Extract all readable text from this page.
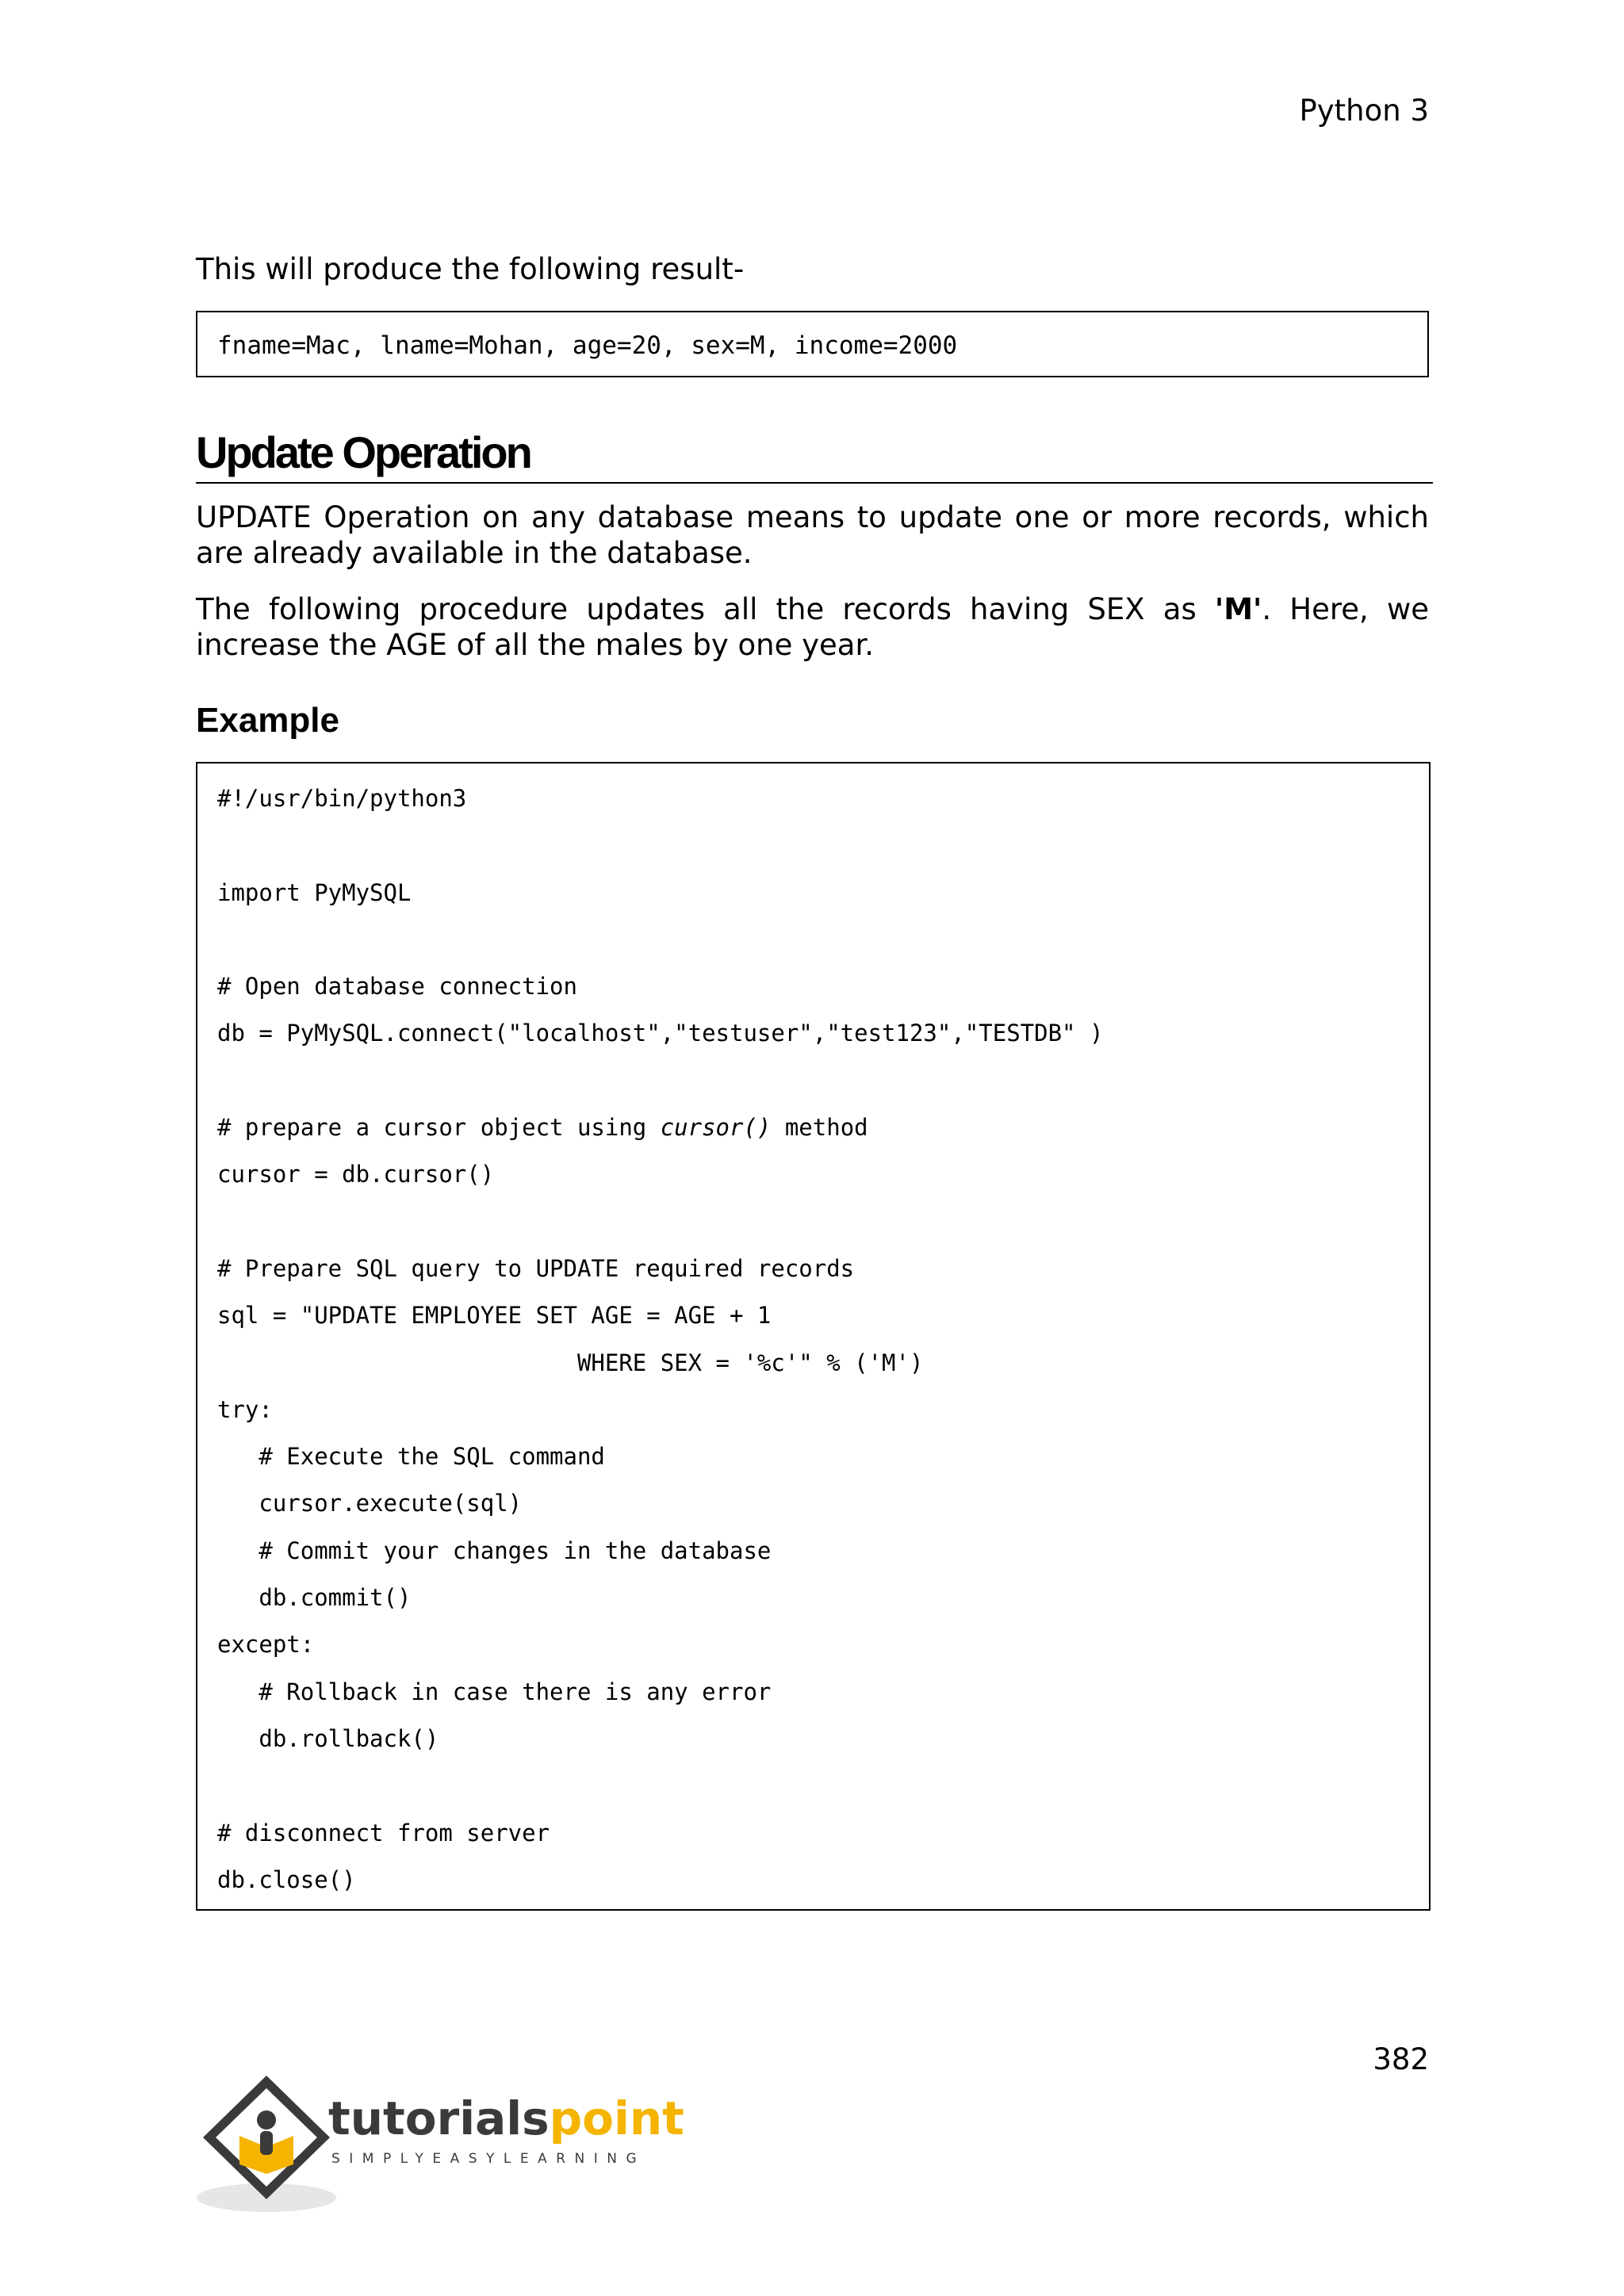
Python 3
This will produce the following result-
fname=Mac, lname=Mohan, age=20, sex=M, income=2000
Update Operation
UPDATE Operation on any database means to update one or more records, which are already available in the database.
The following procedure updates all the records having SEX as 'M'. Here, we increase the AGE of all the males by one year.
Example
#!/usr/bin/python3
import PyMySQL
# Open database connection
db = PyMySQL.connect("localhost","testuser","test123","TESTDB" )
# prepare a cursor object using cursor() method
cursor = db.cursor()
# Prepare SQL query to UPDATE required records
sql = "UPDATE EMPLOYEE SET AGE = AGE + 1
WHERE SEX = '%c'" % ('M')
try:
# Execute the SQL command
cursor.execute(sql)
# Commit your changes in the database
db.commit()
except:
# Rollback in case there is any error
db.rollback()
# disconnect from server
db.close()
382
tutorialspoint
SIMPLYEASYLEARNING
